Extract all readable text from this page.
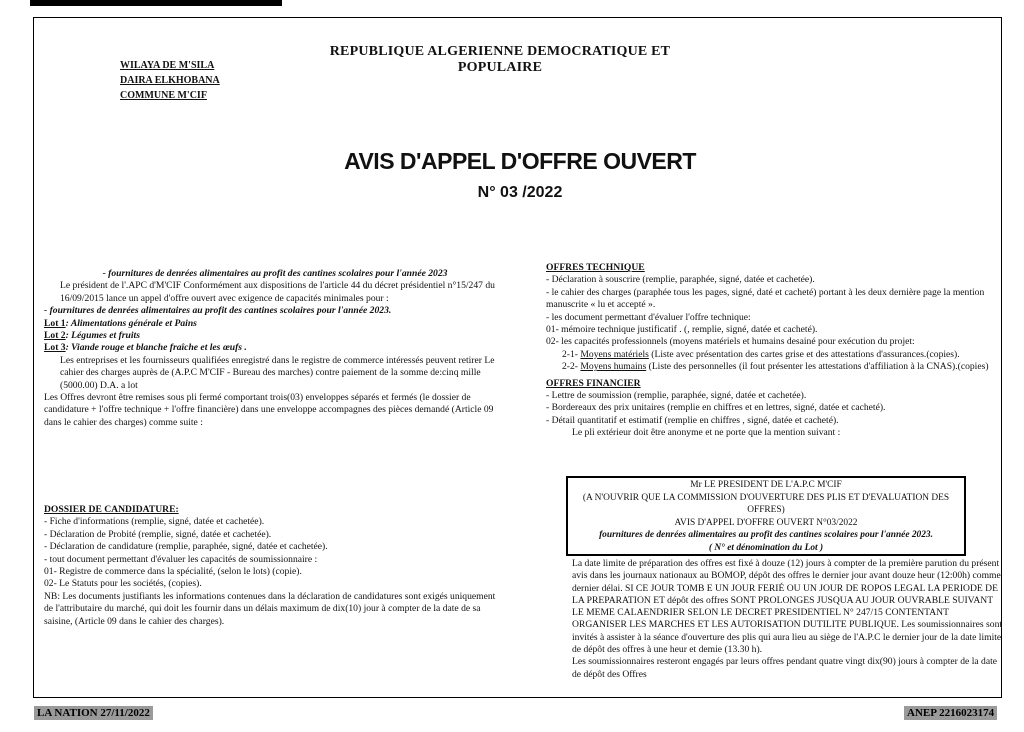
WILAYA DE M'SILA
DAIRA ELKHOBANA
COMMUNE M'CIF
REPUBLIQUE ALGERIENNE DEMOCRATIQUE ET POPULAIRE
AVIS D'APPEL D'OFFRE OUVERT
N° 03 /2022

- fournitures de denrées alimentaires au profit des cantines scolaires pour l'année 2023

Le président de l'.APC d'M'CIF Conformément aux dispositions de l'article 44 du décret présidentiel n°15/247 du 16/09/2015 lance un appel d'offre ouvert avec exigence de capacités minimales pour :

- fournitures de denrées alimentaires au profit des cantines scolaires pour l'année 2023.

Lot 1: Alimentations générale et Pains

Lot 2: Légumes et fruits

Lot 3: Viande rouge et blanche fraîche et les œufs .

Les entreprises et les fournisseurs qualifiées enregistré dans le registre de commerce intéressés peuvent retirer Le cahier des charges auprès de (A.P.C M'CIF - Bureau des marches) contre paiement de la somme de:cinq mille (5000.00) D.A. a lot

Les Offres devront être remises sous pli fermé comportant trois(03) enveloppes séparés et fermés (le dossier de candidature + l'offre technique + l'offre financière) dans une enveloppe accompagnes des pièces demandé (Article 09 dans le cahier des charges) comme suite :

DOSSIER DE CANDIDATURE:

- Fiche d'informations (remplie, signé, datée et cachetée).

- Déclaration de Probité (remplie, signé, datée et cachetée).

- Déclaration de candidature (remplie, paraphée, signé, datée et cachetée).

- tout document permettant d'évaluer les capacités de soumissionnaire :

01- Registre de commerce dans la spécialité, (selon le lots) (copie).

02- Le Statuts pour les sociétés, (copies).

NB: Les documents justifiants les informations contenues dans la déclaration de candidatures sont exigés uniquement de l'attributaire du marché, qui doit les fournir dans un délais maximum de dix(10) jour à compter de la date de sa saisine, (Article 09 dans le cahier des charges).

OFFRES TECHNIQUE

- Déclaration à souscrire (remplie, paraphée, signé, datée et cachetée).

- le cahier des charges (paraphée tous les pages, signé, daté et cacheté) portant à les deux dernière page la mention manuscrite « lu et accepté ».

- les document permettant d'évaluer l'offre technique:

01- mémoire technique justificatif . (, remplie, signé, datée et cacheté).

02- les capacités professionnels (moyens matériels et humains desainé pour exécution du projet:

2-1- Moyens matériels (Liste avec présentation des cartes grise et des attestations d'assurances.(copies).

2-2- Moyens humains (Liste des personnelles (il fout présenter les attestations d'affiliation à la CNAS).(copies)

OFFRES FINANCIER

- Lettre de soumission (remplie, paraphée, signé, datée et cachetée).

- Bordereaux des prix unitaires (remplie en chiffres et en lettres, signé, datée et cacheté).

- Détail quantitatif et estimatif (remplie en chiffres , signé, datée et cacheté).

Le pli extérieur doit être anonyme et ne porte que la mention suivant :

Mr LE PRESIDENT DE L'A.P.C M'CIF
(A N'OUVRIR QUE LA COMMISSION D'OUVERTURE DES PLIS ET D'EVALUATION DES OFFRES)
AVIS D'APPEL D'OFFRE OUVERT N°03/2022
fournitures de denrées alimentaires au profit des cantines scolaires pour l'année 2023.
( N° et dénomination du Lot )

La date limite de préparation des offres est fixé à douze (12) jours à compter de la première parution du présent avis dans les journaux nationaux au BOMOP, dépôt des offres le dernier jour avant douze heur (12:00h) comme dernier délai. SI CE JOUR TOMB E UN JOUR FERIÉ OU UN JOUR DE ROPOS LEGAL LA PERIODE DE LA PREPARATION ET dépôt des offres SONT PROLONGES JUSQUA AU JOUR OUVRABLE SUIVANT LE MEME CALAENDRIER SELON LE DECRET PRESIDENTIEL N° 247/15 CONTENTANT ORGANISER LES MARCHES ET LES AUTORISATION DUTILITE PUBLIQUE. Les soumissionnaires sont invités à assister à la séance d'ouverture des plis qui aura lieu au siège de l'A.P.C le dernier jour de la date limite de dépôt des offres à une heur et demie (13.30 h).

Les soumissionnaires resteront engagés par leurs offres pendant quatre vingt dix(90) jours à compter de la date de dépôt des Offres

LA NATION 27/11/2022	ANEP 2216023174
